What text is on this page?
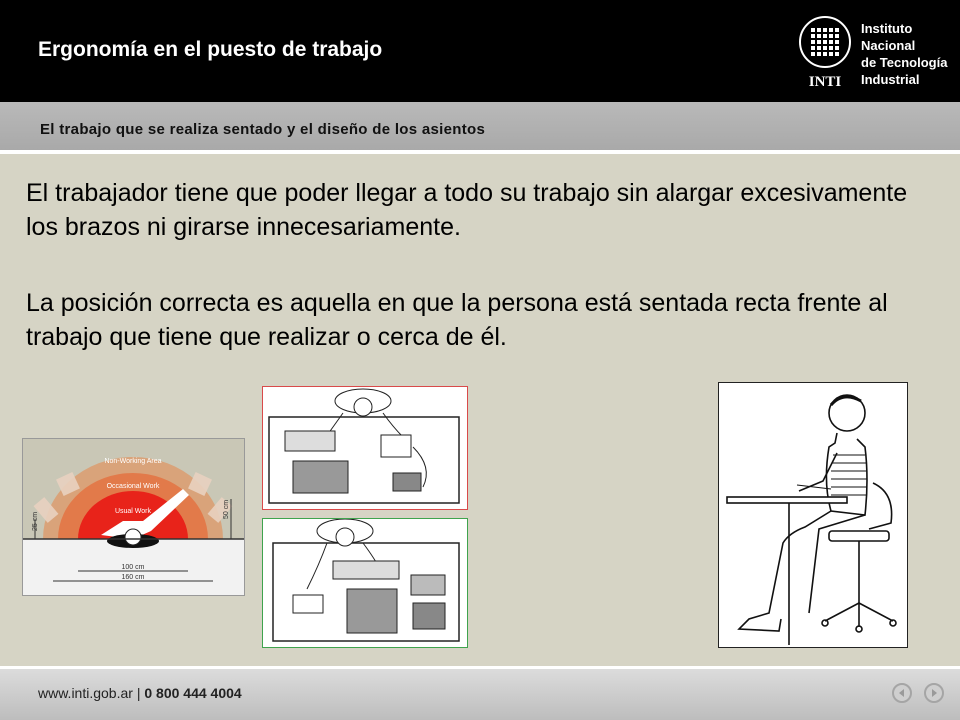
Ergonomía en el puesto de trabajo
INTI
Instituto
Nacional
de Tecnología
Industrial
El trabajo que se realiza sentado y el diseño de los asientos
El trabajador tiene que poder llegar a todo su trabajo sin alargar excesivamente los brazos ni girarse innecesariamente.
La posición correcta es aquella en que la persona está sentada recta frente al trabajo que tiene que realizar o cerca de él.
Non-Working Area
Occasional Work
Usual Work
25 cm
50 cm
100 cm
160 cm
www.inti.gob.ar | 0 800 444 4004
